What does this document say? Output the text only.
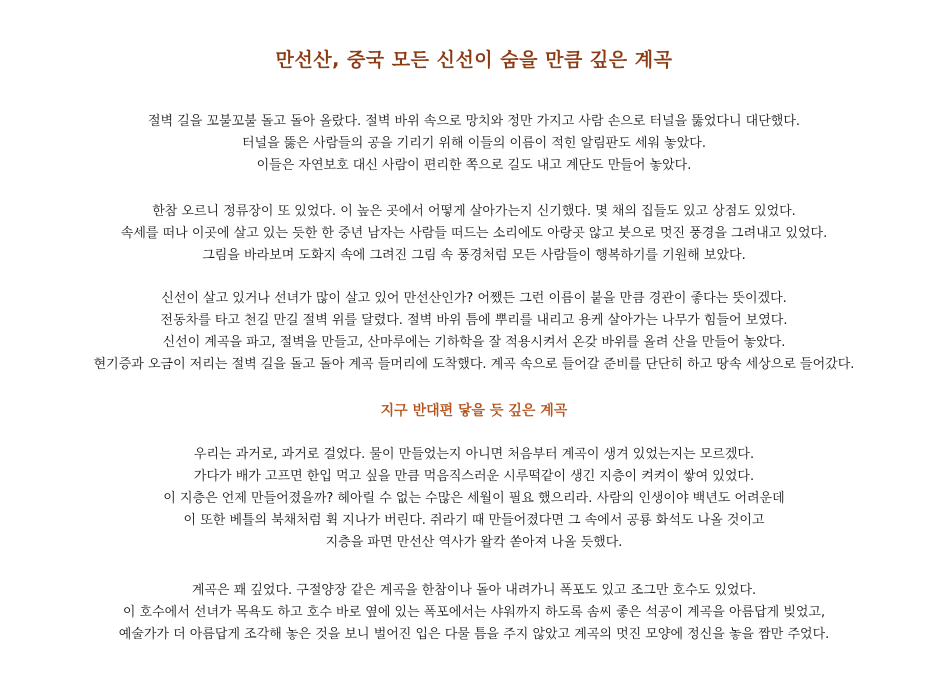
만선산, 중국 모든 신선이 숨을 만큼 깊은 계곡
절벽 길을 꼬불꼬불 돌고 돌아 올랐다. 절벽 바위 속으로 망치와 정만 가지고 사람 손으로 터널을 뚫었다니 대단했다.
터널을 뚫은 사람들의 공을 기리기 위해 이들의 이름이 적힌 알림판도 세워 놓았다.
이들은 자연보호 대신 사람이 편리한 쪽으로 길도 내고 계단도 만들어 놓았다.
한참 오르니 정류장이 또 있었다. 이 높은 곳에서 어떻게 살아가는지 신기했다. 몇 채의 집들도 있고 상점도 있었다.
속세를 떠나 이곳에 살고 있는 듯한 한 중년 남자는 사람들 떠드는 소리에도 아랑곳 않고 붓으로 멋진 풍경을 그려내고 있었다.
그림을 바라보며 도화지 속에 그려진 그림 속 풍경처럼 모든 사람들이 행복하기를 기원해 보았다.
신선이 살고 있거나 선녀가 많이 살고 있어 만선산인가? 어쨌든 그런 이름이 붙을 만큼 경관이 좋다는 뜻이겠다.
전동차를 타고 천길 만길 절벽 위를 달렸다. 절벽 바위 틈에 뿌리를 내리고 용케 살아가는 나무가 힘들어 보였다.
신선이 계곡을 파고, 절벽을 만들고, 산마루에는 기하학을 잘 적용시켜서 온갖 바위를 올려 산을 만들어 놓았다.
현기증과 오금이 저리는 절벽 길을 돌고 돌아 계곡 들머리에 도착했다. 계곡 속으로 들어갈 준비를 단단히 하고 땅속 세상으로 들어갔다.
지구 반대편 닿을 듯 깊은 계곡
우리는 과거로, 과거로 걸었다. 물이 만들었는지 아니면 처음부터 계곡이 생겨 있었는지는 모르겠다.
가다가 배가 고프면 한입 먹고 싶을 만큼 먹음직스러운 시루떡같이 생긴 지층이 켜켜이 쌓여 있었다.
이 지층은 언제 만들어졌을까? 헤아릴 수 없는 수많은 세월이 필요 했으리라. 사람의 인생이야 백년도 어려운데
이 또한 베틀의 북채처럼 휙 지나가 버린다. 쥐라기 때 만들어졌다면 그 속에서 공룡 화석도 나올 것이고
지층을 파면 만선산 역사가 왈칵 쏟아져 나올 듯했다.
계곡은 꽤 깊었다. 구절양장 같은 계곡을 한참이나 돌아 내려가니 폭포도 있고 조그만 호수도 있었다.
이 호수에서 선녀가 목욕도 하고 호수 바로 옆에 있는 폭포에서는 샤워까지 하도록 솜씨 좋은 석공이 계곡을 아름답게 빚었고,
예술가가 더 아름답게 조각해 놓은 것을 보니 벌어진 입은 다물 틈을 주지 않았고 계곡의 멋진 모양에 정신을 놓을 짬만 주었다.
